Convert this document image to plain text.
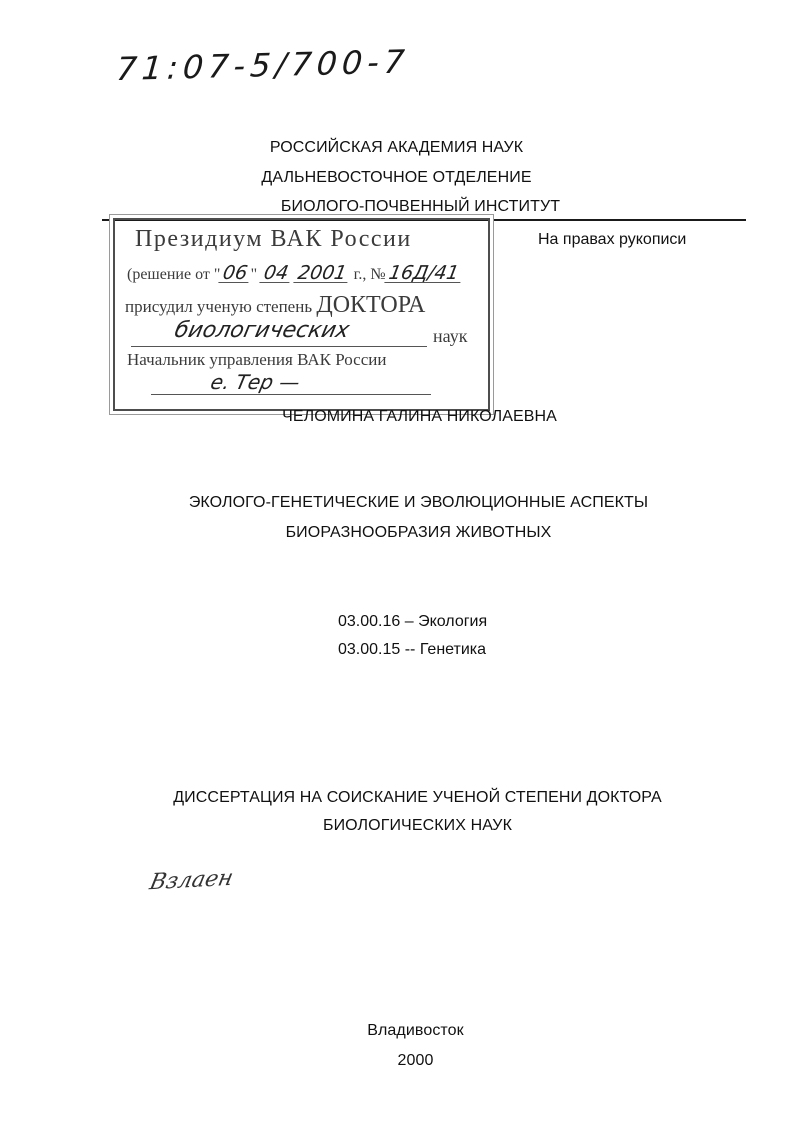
71:07-5/700-7
РОССИЙСКАЯ АКАДЕМИЯ НАУК
ДАЛЬНЕВОСТОЧНОЕ ОТДЕЛЕНИЕ
БИОЛОГО-ПОЧВЕННЫЙ ИНСТИТУТ
На правах рукописи
Президиум ВАК России
(решение от "06" 04 2001 г., №16Д/41
присудил ученую степень ДОКТОРА
биологических	наук
Начальник управления ВАК России
е. Тер —
ЧЕЛОМИНА ГАЛИНА НИКОЛАЕВНА
ЭКОЛОГО-ГЕНЕТИЧЕСКИЕ И ЭВОЛЮЦИОННЫЕ АСПЕКТЫ
БИОРАЗНООБРАЗИЯ ЖИВОТНЫХ
03.00.16 – Экология
03.00.15 -- Генетика
ДИССЕРТАЦИЯ НА СОИСКАНИЕ УЧЕНОЙ СТЕПЕНИ ДОКТОРА
БИОЛОГИЧЕСКИХ НАУК
Взлаен
Владивосток
2000
